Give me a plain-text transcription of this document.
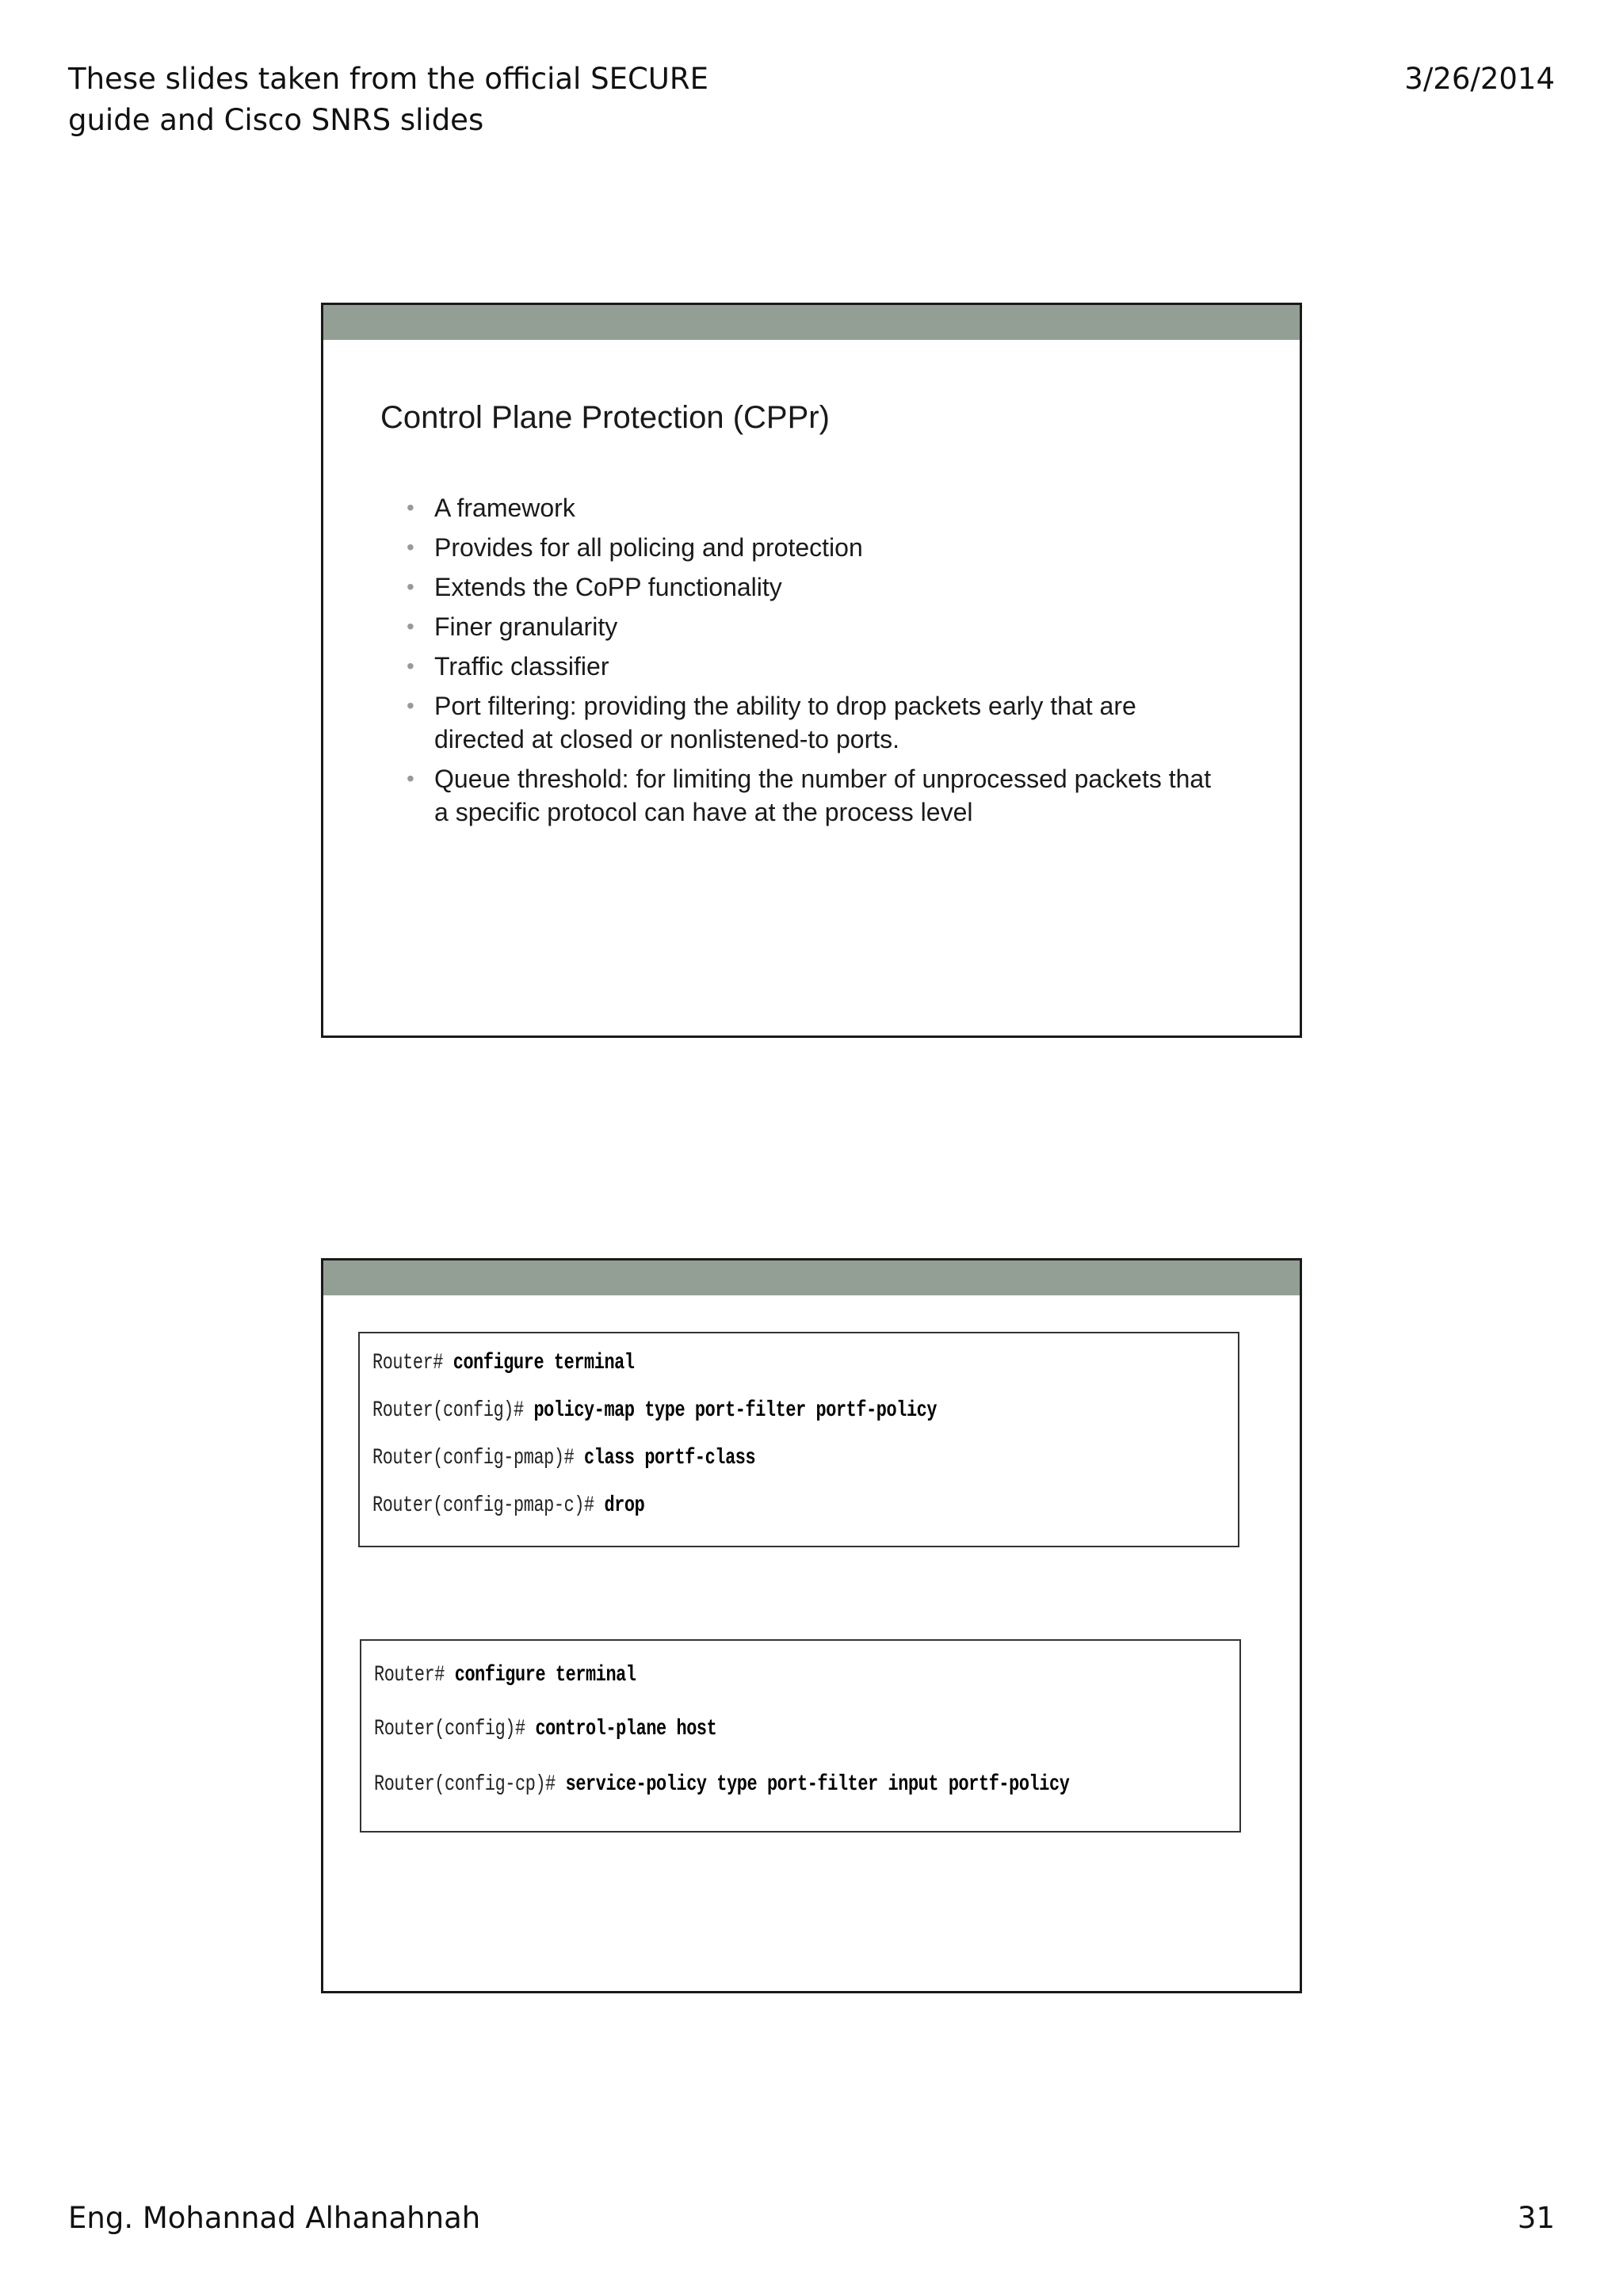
These slides taken from the official SECURE
guide and Cisco SNRS slides
3/26/2014
Control Plane Protection (CPPr)
• A framework
• Provides for all policing and protection
• Extends the CoPP functionality
• Finer granularity
• Traffic classifier
• Port filtering: providing the ability to drop packets early that are directed at closed or nonlistened-to ports.
• Queue threshold: for limiting the number of unprocessed packets that a specific protocol can have at the process level
Router# configure terminal
Router(config)# policy-map type port-filter portf-policy
Router(config-pmap)# class portf-class
Router(config-pmap-c)# drop
Router# configure terminal
Router(config)# control-plane host
Router(config-cp)# service-policy type port-filter input portf-policy
Eng. Mohannad Alhanahnah	31
